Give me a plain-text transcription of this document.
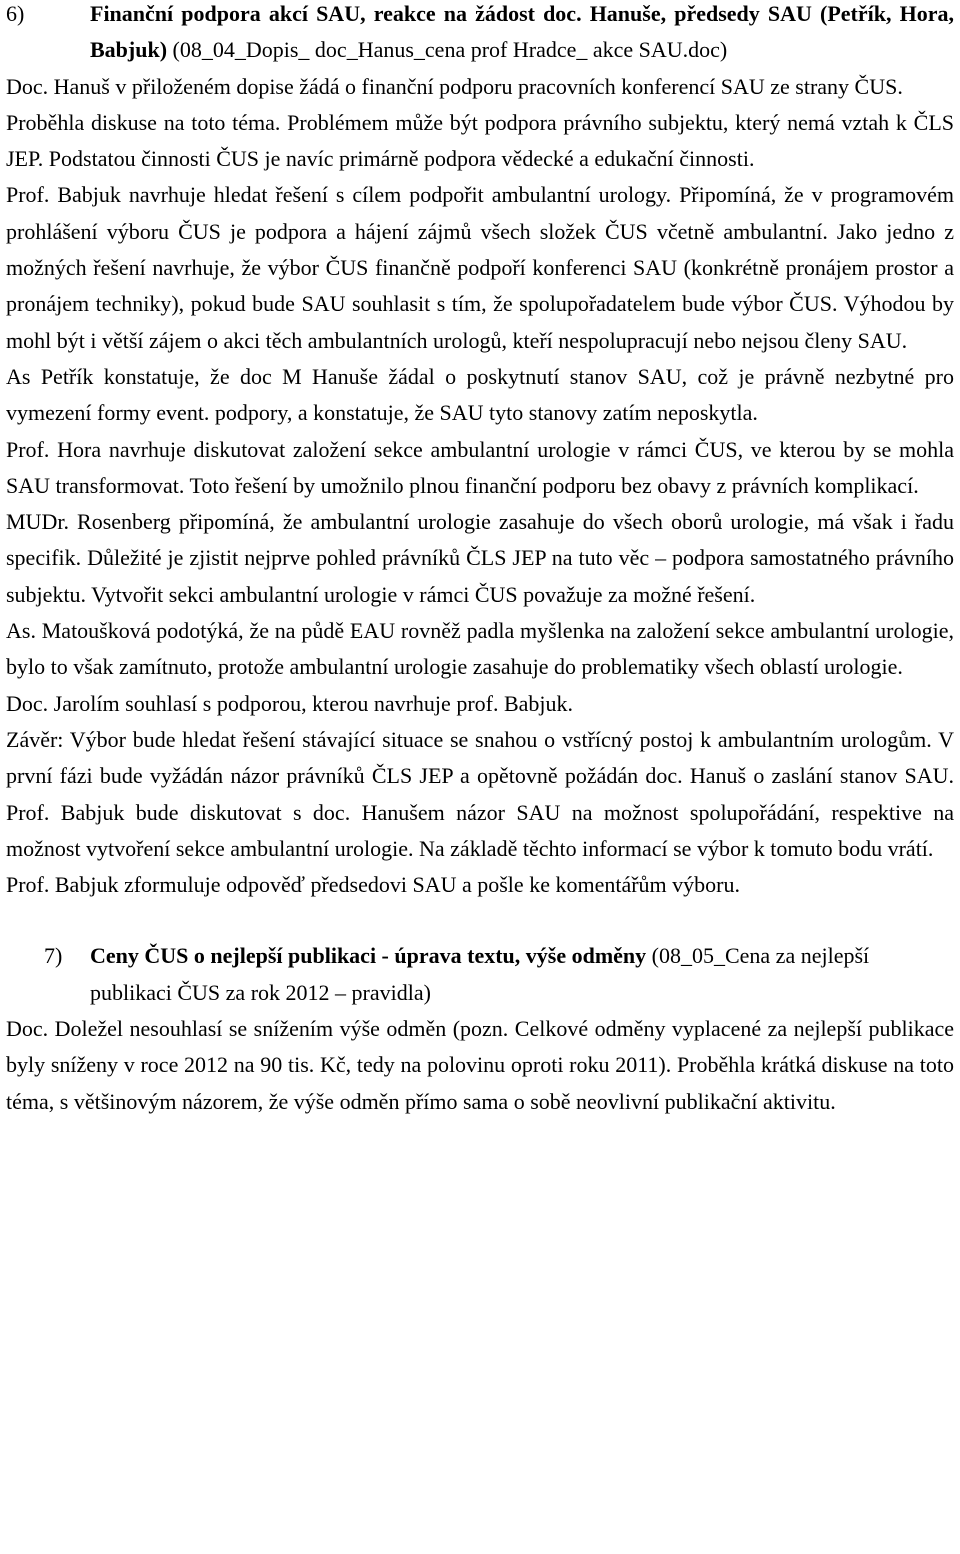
6)	Finanční podpora akcí SAU, reakce na žádost doc. Hanuše, předsedy SAU (Petřík, Hora, Babjuk) (08_04_Dopis_ doc_Hanus_cena prof Hradce_ akce SAU.doc)

Doc. Hanuš v přiloženém dopise žádá o finanční podporu pracovních konferencí SAU ze strany ČUS.

Proběhla diskuse na toto téma. Problémem může být podpora právního subjektu, který nemá vztah k ČLS JEP. Podstatou činnosti ČUS je navíc primárně podpora vědecké a edukační činnosti.

Prof. Babjuk navrhuje hledat řešení s cílem podpořit ambulantní urology. Připomíná, že v programovém prohlášení výboru ČUS je podpora a hájení zájmů všech složek ČUS včetně ambulantní. Jako jedno z možných řešení navrhuje, že výbor ČUS finančně podpoří konferenci SAU (konkrétně pronájem prostor a pronájem techniky), pokud bude SAU souhlasit s tím, že spolupořadatelem bude výbor ČUS. Výhodou by mohl být i větší zájem o akci těch ambulantních urologů, kteří nespolupracují nebo nejsou členy SAU.

As Petřík konstatuje, že doc M Hanuše žádal o poskytnutí stanov SAU, což je právně nezbytné pro vymezení formy event. podpory, a konstatuje, že SAU tyto stanovy zatím neposkytla.

Prof. Hora navrhuje diskutovat založení sekce ambulantní urologie v rámci ČUS, ve kterou by se mohla SAU transformovat. Toto řešení by umožnilo plnou finanční podporu bez obavy z právních komplikací.

MUDr. Rosenberg připomíná, že ambulantní urologie zasahuje do všech oborů urologie, má však i řadu specifik. Důležité je zjistit nejprve pohled právníků ČLS JEP na tuto věc – podpora samostatného právního subjektu. Vytvořit sekci ambulantní urologie v rámci ČUS považuje za možné řešení.

As. Matoušková podotýká, že na půdě EAU rovněž padla myšlenka na založení sekce ambulantní urologie, bylo to však zamítnuto, protože ambulantní urologie zasahuje do problematiky všech oblastí urologie.

Doc. Jarolím souhlasí s podporou, kterou navrhuje prof. Babjuk.

Závěr: Výbor bude hledat řešení stávající situace se snahou o vstřícný postoj k ambulantním urologům. V první fázi bude vyžádán názor právníků ČLS JEP a opětovně požádán doc. Hanuš o zaslání stanov SAU. Prof. Babjuk bude diskutovat s doc. Hanušem názor SAU na možnost spolupořádání, respektive na možnost vytvoření sekce ambulantní urologie. Na základě těchto informací se výbor k tomuto bodu vrátí.

Prof. Babjuk zformuluje odpověď předsedovi SAU a pošle ke komentářům výboru.

7)	Ceny ČUS o nejlepší publikaci - úprava textu, výše odměny (08_05_Cena za nejlepší publikaci ČUS za rok 2012 – pravidla)

Doc. Doležel nesouhlasí se snížením výše odměn (pozn. Celkové odměny vyplacené za nejlepší publikace byly sníženy v roce 2012 na 90 tis. Kč, tedy na polovinu oproti roku 2011). Proběhla krátká diskuse na toto téma, s většinovým názorem, že výše odměn přímo sama o sobě neovlivní publikační aktivitu.
